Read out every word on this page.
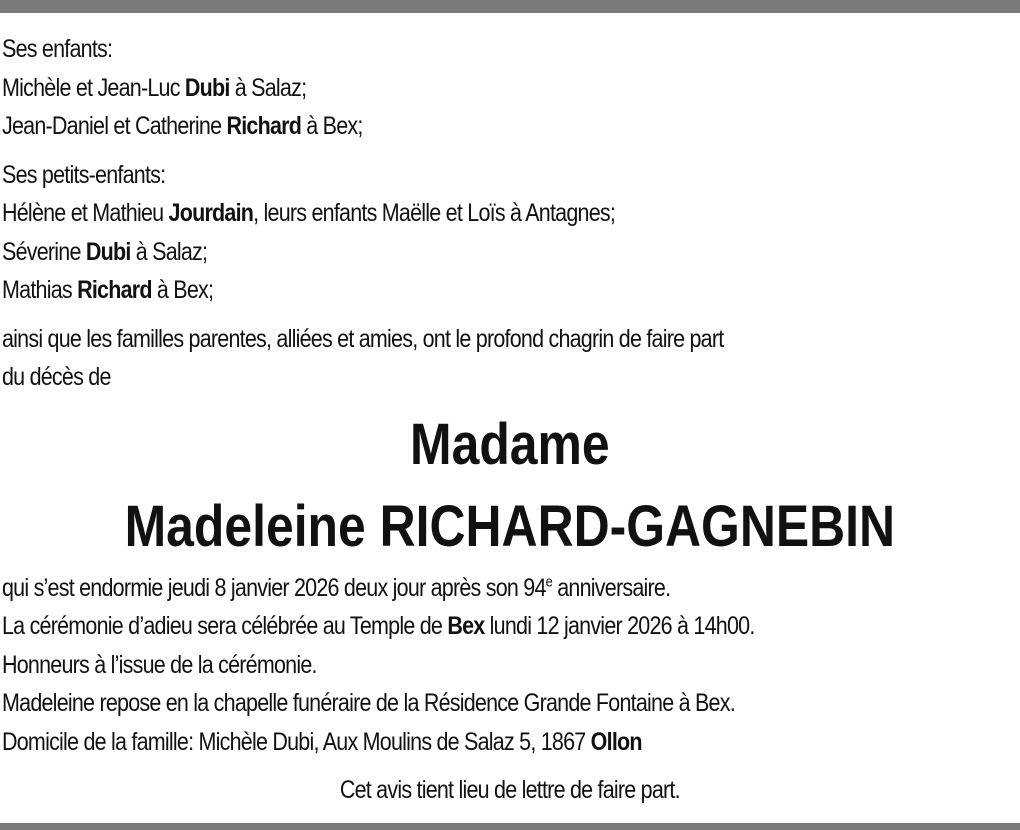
Ses enfants:
Michèle et Jean-Luc Dubi à Salaz;
Jean-Daniel et Catherine Richard à Bex;
Ses petits-enfants:
Hélène et Mathieu Jourdain, leurs enfants Maëlle et Loïs à Antagnes;
Séverine Dubi à Salaz;
Mathias Richard à Bex;
ainsi que les familles parentes, alliées et amies, ont le profond chagrin de faire part
du décès de
Madame
Madeleine RICHARD-GAGNEBIN
qui s’est endormie jeudi 8 janvier 2026 deux jour après son 94e anniversaire.
La cérémonie d’adieu sera célébrée au Temple de Bex lundi 12 janvier 2026 à 14h00.
Honneurs à l’issue de la cérémonie.
Madeleine repose en la chapelle funéraire de la Résidence Grande Fontaine à Bex.
Domicile de la famille: Michèle Dubi, Aux Moulins de Salaz 5, 1867 Ollon
Cet avis tient lieu de lettre de faire part.
